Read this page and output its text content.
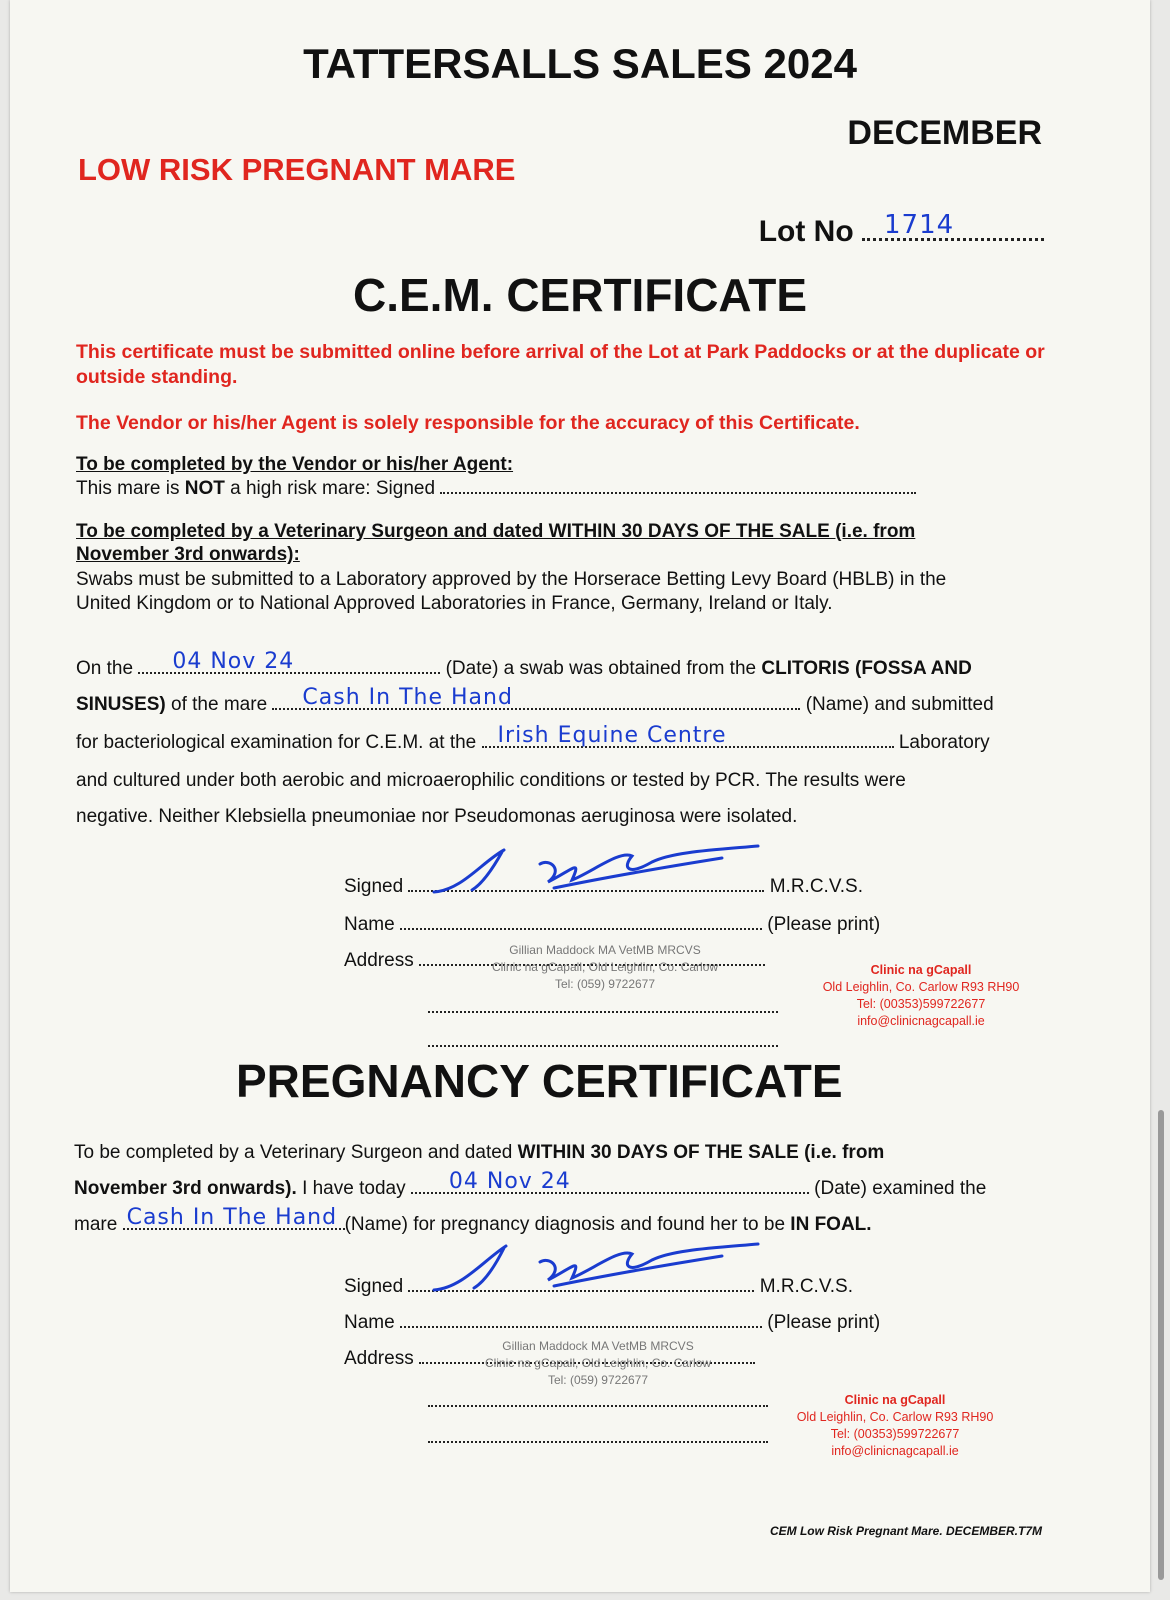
TATTERSALLS SALES 2024
DECEMBER
LOW RISK PREGNANT MARE
Lot No 1714
C.E.M. CERTIFICATE
This certificate must be submitted online before arrival of the Lot at Park Paddocks or at the duplicate or outside standing.
The Vendor or his/her Agent is solely responsible for the accuracy of this Certificate.
To be completed by the Vendor or his/her Agent:
This mare is NOT a high risk mare: Signed
To be completed by a Veterinary Surgeon and dated WITHIN 30 DAYS OF THE SALE (i.e. from
November 3rd onwards):
Swabs must be submitted to a Laboratory approved by the Horserace Betting Levy Board (HBLB) in the
United Kingdom or to National Approved Laboratories in France, Germany, Ireland or Italy.
On the 04 Nov 24	(Date) a swab was obtained from the CLITORIS (FOSSA AND
SINUSES) of the mare Cash In The Hand	(Name) and submitted
for bacteriological examination for C.E.M. at the Irish Equine Centre	Laboratory
and cultured under both aerobic and microaerophilic conditions or tested by PCR. The results were
negative. Neither Klebsiella pneumoniae nor Pseudomonas aeruginosa were isolated.
Signed	M.R.C.V.S.
Name	(Please print)
Address	Gillian Maddock MA VetMB MRCVS
Clinic na gCapall, Old Leighlin, Co. Carlow
Tel: (059) 9722677
Clinic na gCapall
Old Leighlin, Co. Carlow R93 RH90
Tel: (00353)599722677
info@clinicnagcapall.ie
PREGNANCY CERTIFICATE
To be completed by a Veterinary Surgeon and dated WITHIN 30 DAYS OF THE SALE (i.e. from
November 3rd onwards). I have today 04 Nov 24	(Date) examined the
mare Cash In The Hand (Name) for pregnancy diagnosis and found her to be IN FOAL.
Signed	M.R.C.V.S.
Name	(Please print)
Address
Gillian Maddock MA VetMB MRCVS
Clinic na gCapall, Old Leighlin, Co. Carlow
Tel: (059) 9722677
Clinic na gCapall
Old Leighlin, Co. Carlow R93 RH90
Tel: (00353)599722677
info@clinicnagcapall.ie
CEM Low Risk Pregnant Mare. DECEMBER.T7M
